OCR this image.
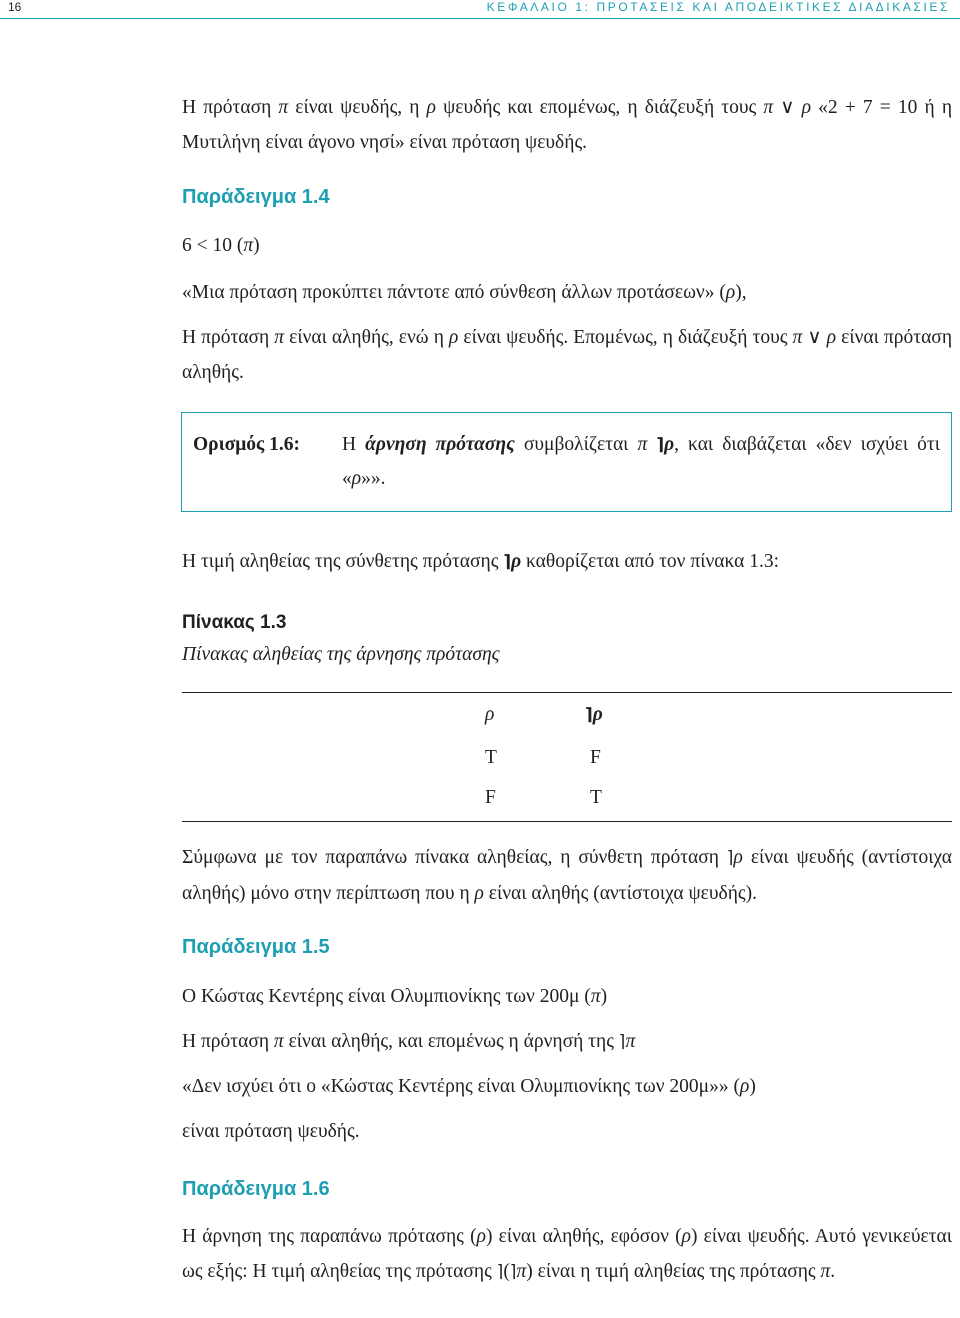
16	ΚΕΦΑΛΑΙΟ 1: ΠΡΟΤΑΣΕΙΣ ΚΑΙ ΑΠΟΔΕΙΚΤΙΚΕΣ ΔΙΑΔΙΚΑΣΙΕΣ
Η πρόταση π είναι ψευδής, η ρ ψευδής και επομένως, η διάζευξή τους π ∨ ρ «2 + 7 = 10 ή η Μυτιλήνη είναι άγονο νησί» είναι πρόταση ψευδής.
Παράδειγμα 1.4
6 < 10 (π)
«Μια πρόταση προκύπτει πάντοτε από σύνθεση άλλων προτάσεων» (ρ),
Η πρόταση π είναι αληθής, ενώ η ρ είναι ψευδής. Επομένως, η διάζευξή τους π ∨ ρ είναι πρόταση αληθής.
Ορισμός 1.6: Η άρνηση πρότασης συμβολίζεται π ⌉ρ, και διαβάζεται «δεν ισχύει ότι «ρ»».
Η τιμή αληθείας της σύνθετης πρότασης ⌉ρ καθορίζεται από τον πίνακα 1.3:
Πίνακας 1.3
Πίνακας αληθείας της άρνησης πρότασης
ρ	⌉ρ
T	F
F	T
Σύμφωνα με τον παραπάνω πίνακα αληθείας, η σύνθετη πρόταση ⌉ρ είναι ψευδής (αντίστοιχα αληθής) μόνο στην περίπτωση που η ρ είναι αληθής (αντίστοιχα ψευδής).
Παράδειγμα 1.5
Ο Κώστας Κεντέρης είναι Ολυμπιονίκης των 200μ (π)
Η πρόταση π είναι αληθής, και επομένως η άρνησή της ⌉π
«Δεν ισχύει ότι ο «Κώστας Κεντέρης είναι Ολυμπιονίκης των 200μ»» (ρ)
είναι πρόταση ψευδής.
Παράδειγμα 1.6
Η άρνηση της παραπάνω πρότασης (ρ) είναι αληθής, εφόσον (ρ) είναι ψευδής. Αυτό γενικεύεται ως εξής: Η τιμή αληθείας της πρότασης ⌉(⌉π) είναι η τιμή αληθείας της πρότασης π.
